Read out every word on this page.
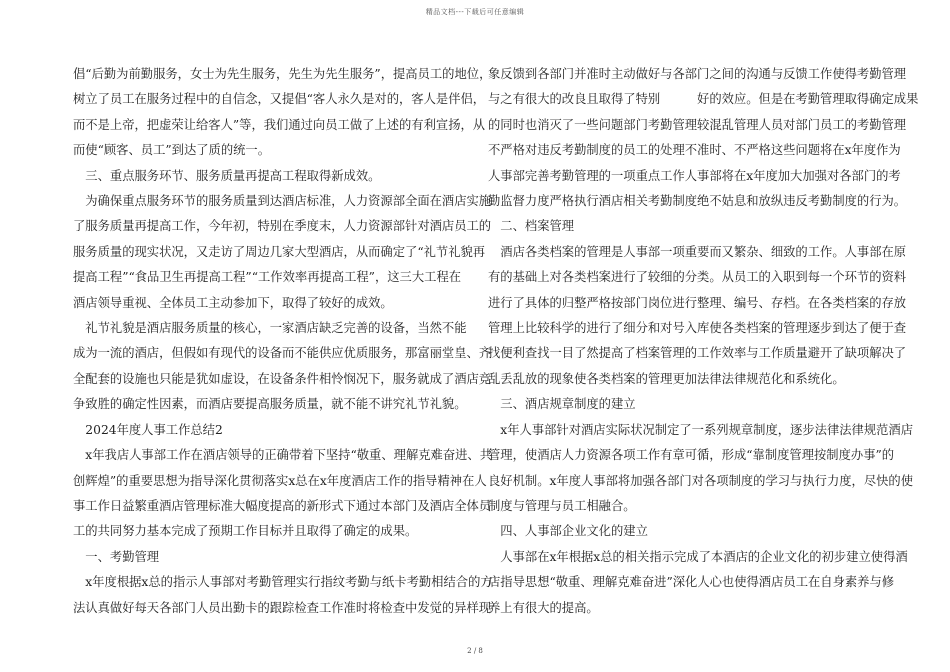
精品文档---下载后可任意编辑

倡“后勤为前勤服务，女士为先生服务，先生为先生服务”，提高员工的地位，

树立了员工在服务过程中的自信念，又提倡“客人永久是对的，客人是伴侣，

而不是上帝，把虚荣让给客人”等，我们通过向员工做了上述的有利宣扬，从

而使“顾客、员工”到达了质的统一。

　三、重点服务环节、服务质量再提高工程取得新成效。

　为确保重点服务环节的服务质量到达酒店标准，人力资源部全面在酒店实施

了服务质量再提高工作，今年初，特别在季度末，人力资源部针对酒店员工的

服务质量的现实状况，又走访了周边几家大型酒店，从而确定了“礼节礼貌再

提高工程”“食品卫生再提高工程”“工作效率再提高工程”，这三大工程在

酒店领导重视、全体员工主动参加下，取得了较好的成效。

　礼节礼貌是酒店服务质量的核心，一家酒店缺乏完善的设备，当然不能

成为一流的酒店，但假如有现代的设备而不能供应优质服务，那富丽堂皇、齐

全配套的设施也只能是犹如虚设，在设备条件相怜悯况下，服务就成了酒店竞

争致胜的确定性因素，而酒店要提高服务质量，就不能不讲究礼节礼貌。

　2024年度人事工作总结2

　x年我店人事部工作在酒店领导的正确带着下坚持“敬重、理解克难奋进、共

创辉煌”的重要思想为指导深化贯彻落实x总在x年度酒店工作的指导精神在人

事工作日益繁重酒店管理标准大幅度提高的新形式下通过本部门及酒店全体员

工的共同努力基本完成了预期工作目标并且取得了确定的成果。

　一、考勤管理

　x年度根据x总的指示人事部对考勤管理实行指纹考勤与纸卡考勤相结合的方

法认真做好每天各部门人员出勤卡的跟踪检查工作准时将检查中发觉的异样现

象反馈到各部门并准时主动做好与各部门之间的沟通与反馈工作使得考勤管理

与之有很大的改良且取得了特别　　　好的效应。但是在考勤管理取得确定成果

的同时也消灭了一些问题部门考勤管理较混乱管理人员对部门员工的考勤管理

不严格对违反考勤制度的员工的处理不准时、不严格这些问题将在x年度作为

人事部完善考勤管理的一项重点工作人事部将在x年度加大加强对各部门的考

勤监督力度严格执行酒店相关考勤制度绝不姑息和放纵违反考勤制度的行为。

　二、档案管理

　酒店各类档案的管理是人事部一项重要而又繁杂、细致的工作。人事部在原

有的基础上对各类档案进行了较细的分类。从员工的入职到每一个环节的资料

进行了具体的归整严格按部门岗位进行整理、编号、存档。在各类档案的存放

管理上比较科学的进行了细分和对号入库使各类档案的管理逐步到达了便于查

找便利查找一目了然提高了档案管理的工作效率与工作质量避开了缺项解决了

乱丢乱放的现象使各类档案的管理更加法律法律规范化和系统化。

　三、酒店规章制度的建立

　x年人事部针对酒店实际状况制定了一系列规章制度，逐步法律法律规范酒店

管理，使酒店人力资源各项工作有章可循，形成“靠制度管理按制度办事”的

良好机制。x年度人事部将加强各部门对各项制度的学习与执行力度，尽快的使

制度与管理与员工相融合。

　四、人事部企业文化的建立

　人事部在x年根据x总的相关指示完成了本酒店的企业文化的初步建立使得酒

店指导思想“敬重、理解克难奋进”深化人心也使得酒店员工在自身素养与修

养上有很大的提高。

2 / 8
